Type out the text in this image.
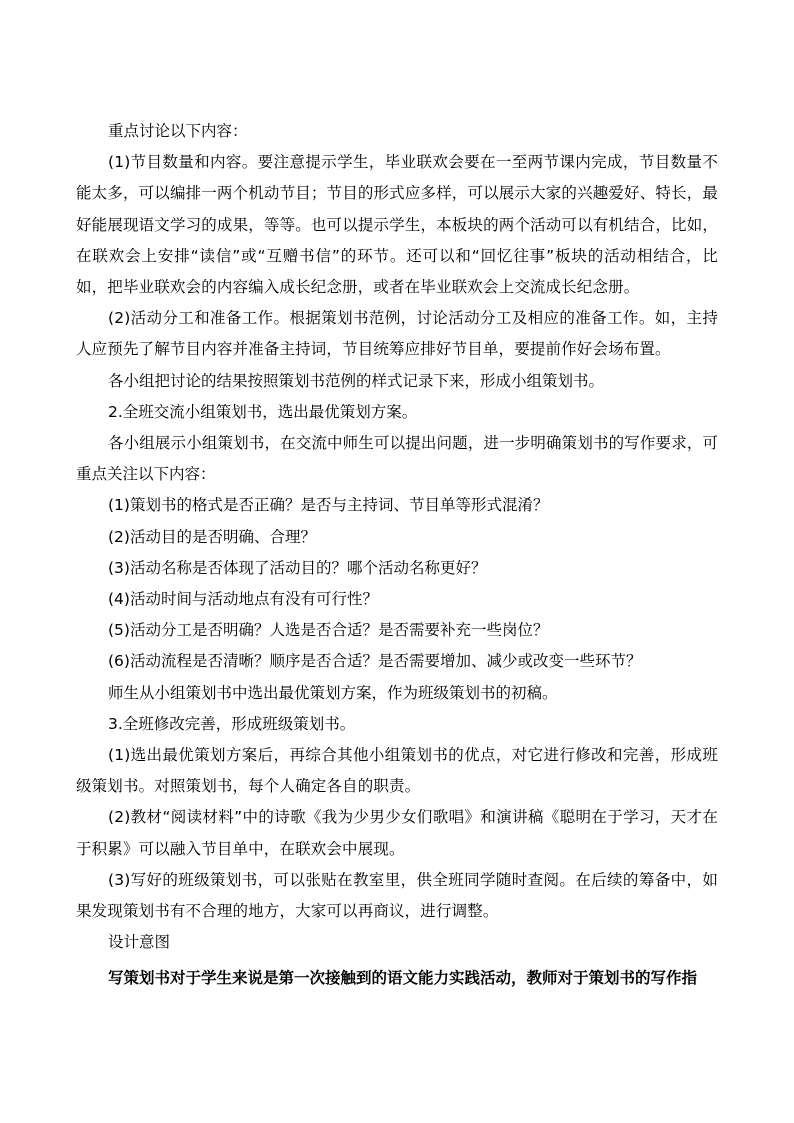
重点讨论以下内容：

(1)节目数量和内容。要注意提示学生，毕业联欢会要在一至两节课内完成，节目数量不能太多，可以编排一两个机动节目；节目的形式应多样，可以展示大家的兴趣爱好、特长，最好能展现语文学习的成果，等等。也可以提示学生，本板块的两个活动可以有机结合，比如，在联欢会上安排“读信”或“互赠书信”的环节。还可以和“回忆往事”板块的活动相结合，比如，把毕业联欢会的内容编入成长纪念册，或者在毕业联欢会上交流成长纪念册。

(2)活动分工和准备工作。根据策划书范例，讨论活动分工及相应的准备工作。如，主持人应预先了解节目内容并准备主持词，节目统筹应排好节目单，要提前作好会场布置。

各小组把讨论的结果按照策划书范例的样式记录下来，形成小组策划书。

2.全班交流小组策划书，选出最优策划方案。

各小组展示小组策划书，在交流中师生可以提出问题，进一步明确策划书的写作要求，可重点关注以下内容：

(1)策划书的格式是否正确？是否与主持词、节目单等形式混淆？

(2)活动目的是否明确、合理？

(3)活动名称是否体现了活动目的？哪个活动名称更好？

(4)活动时间与活动地点有没有可行性？

(5)活动分工是否明确？人选是否合适？是否需要补充一些岗位？

(6)活动流程是否清晰？顺序是否合适？是否需要增加、减少或改变一些环节？

师生从小组策划书中选出最优策划方案，作为班级策划书的初稿。

3.全班修改完善，形成班级策划书。

(1)选出最优策划方案后，再综合其他小组策划书的优点，对它进行修改和完善，形成班级策划书。对照策划书，每个人确定各自的职责。

(2)教材“阅读材料”中的诗歌《我为少男少女们歌唱》和演讲稿《聪明在于学习，天才在于积累》可以融入节目单中，在联欢会中展现。

(3)写好的班级策划书，可以张贴在教室里，供全班同学随时查阅。在后续的筹备中，如果发现策划书有不合理的地方，大家可以再商议，进行调整。

设计意图

写策划书对于学生来说是第一次接触到的语文能力实践活动，教师对于策划书的写作指
